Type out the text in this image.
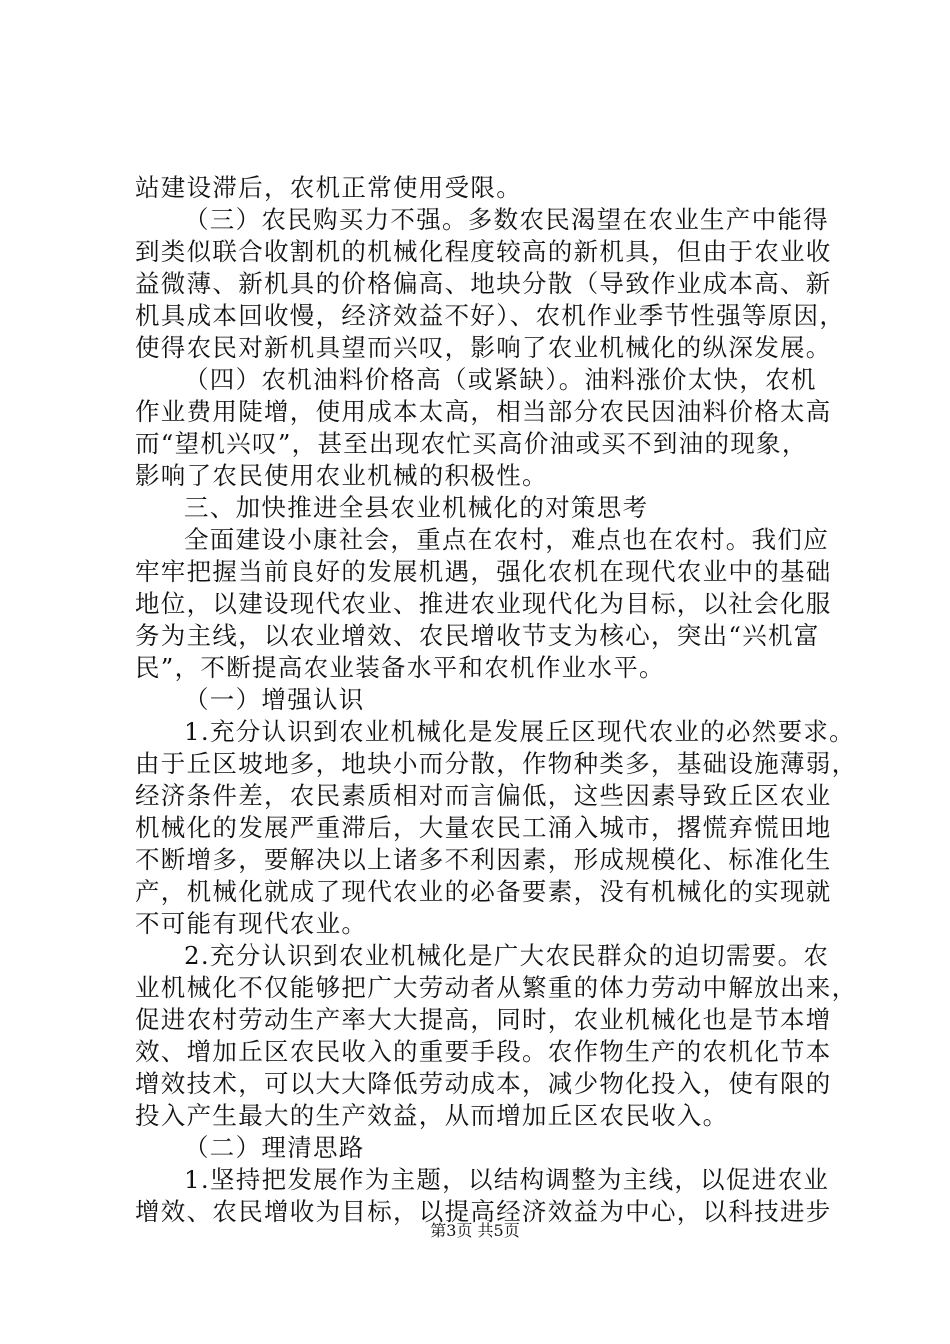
站建设滞后，农机正常使用受限。
（三）农民购买力不强。多数农民渴望在农业生产中能得
到类似联合收割机的机械化程度较高的新机具，但由于农业收
益微薄、新机具的价格偏高、地块分散（导致作业成本高、新
机具成本回收慢，经济效益不好）、农机作业季节性强等原因，
使得农民对新机具望而兴叹，影响了农业机械化的纵深发展。
（四）农机油料价格高（或紧缺）。油料涨价太快，农机
作业费用陡增，使用成本太高，相当部分农民因油料价格太高
而“望机兴叹”，甚至出现农忙买高价油或买不到油的现象，
影响了农民使用农业机械的积极性。
三、加快推进全县农业机械化的对策思考
全面建设小康社会，重点在农村，难点也在农村。我们应
牢牢把握当前良好的发展机遇，强化农机在现代农业中的基础
地位，以建设现代农业、推进农业现代化为目标，以社会化服
务为主线，以农业增效、农民增收节支为核心，突出“兴机富
民”，不断提高农业装备水平和农机作业水平。
（一）增强认识
1.充分认识到农业机械化是发展丘区现代农业的必然要求。
由于丘区坡地多，地块小而分散，作物种类多，基础设施薄弱，
经济条件差，农民素质相对而言偏低，这些因素导致丘区农业
机械化的发展严重滞后，大量农民工涌入城市，撂慌弃慌田地
不断增多，要解决以上诸多不利因素，形成规模化、标准化生
产，机械化就成了现代农业的必备要素，没有机械化的实现就
不可能有现代农业。
2.充分认识到农业机械化是广大农民群众的迫切需要。农
业机械化不仅能够把广大劳动者从繁重的体力劳动中解放出来，
促进农村劳动生产率大大提高，同时，农业机械化也是节本增
效、增加丘区农民收入的重要手段。农作物生产的农机化节本
增效技术，可以大大降低劳动成本，减少物化投入，使有限的
投入产生最大的生产效益，从而增加丘区农民收入。
（二）理清思路
1.坚持把发展作为主题，以结构调整为主线，以促进农业
增效、农民增收为目标，以提高经济效益为中心，以科技进步
第3页 共5页
